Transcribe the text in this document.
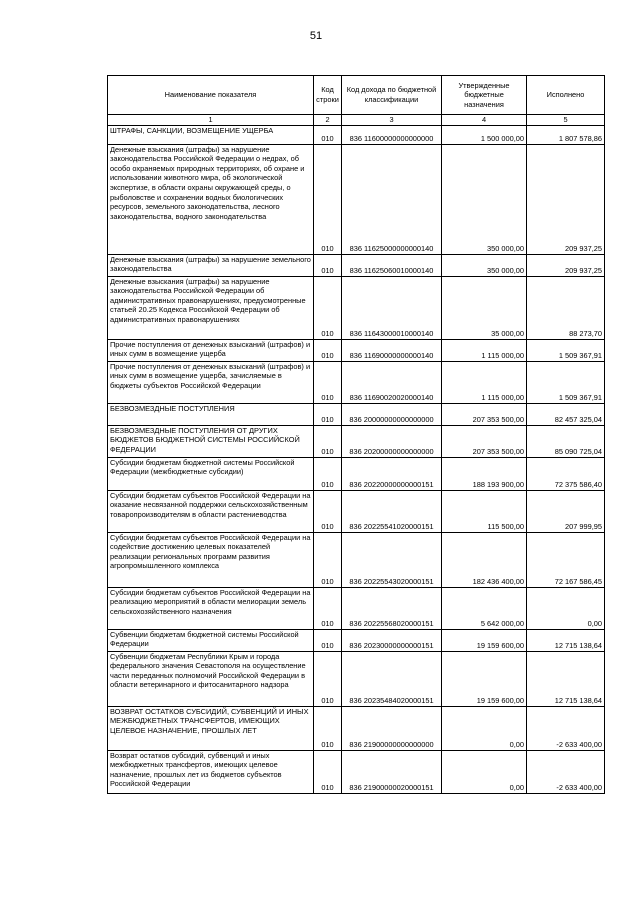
51
Наименование показателя	Код строки	Код дохода по бюджетной классификации	Утвержденные бюджетные назначения	Исполнено
1	2	3	4	5
ШТРАФЫ, САНКЦИИ, ВОЗМЕЩЕНИЕ УЩЕРБА	010	836 11600000000000000	1 500 000,00	1 807 578,86
Денежные взыскания (штрафы) за нарушение законодательства Российской Федерации о недрах, об особо охраняемых природных территориях, об охране и использовании животного мира, об экологической экспертизе, в области охраны окружающей среды, о рыболовстве и сохранении водных биологических ресурсов, земельного законодательства, лесного законодательства, водного законодательства	010	836 11625000000000140	350 000,00	209 937,25
Денежные взыскания (штрафы) за нарушение земельного законодательства	010	836 11625060010000140	350 000,00	209 937,25
Денежные взыскания (штрафы) за нарушение законодательства Российской Федерации об административных правонарушениях, предусмотренные статьей 20.25 Кодекса Российской Федерации об административных правонарушениях	010	836 11643000010000140	35 000,00	88 273,70
Прочие поступления от денежных взысканий (штрафов) и иных сумм в возмещение ущерба	010	836 11690000000000140	1 115 000,00	1 509 367,91
Прочие поступления от денежных взысканий (штрафов) и иных сумм в возмещение ущерба, зачисляемые в бюджеты субъектов Российской Федерации	010	836 11690020020000140	1 115 000,00	1 509 367,91
БЕЗВОЗМЕЗДНЫЕ ПОСТУПЛЕНИЯ	010	836 20000000000000000	207 353 500,00	82 457 325,04
БЕЗВОЗМЕЗДНЫЕ ПОСТУПЛЕНИЯ ОТ ДРУГИХ БЮДЖЕТОВ БЮДЖЕТНОЙ СИСТЕМЫ РОССИЙСКОЙ ФЕДЕРАЦИИ	010	836 20200000000000000	207 353 500,00	85 090 725,04
Субсидии бюджетам бюджетной системы Российской Федерации (межбюджетные субсидии)	010	836 20220000000000151	188 193 900,00	72 375 586,40
Субсидии бюджетам субъектов Российской Федерации на оказание несвязанной поддержки сельскохозяйственным товаропроизводителям в области растениеводства	010	836 20225541020000151	115 500,00	207 999,95
Субсидии бюджетам субъектов Российской Федерации на содействие достижению целевых показателей реализации региональных программ развития агропромышленного комплекса	010	836 20225543020000151	182 436 400,00	72 167 586,45
Субсидии бюджетам субъектов Российской Федерации на реализацию мероприятий в области мелиорации земель сельскохозяйственного назначения	010	836 20225568020000151	5 642 000,00	0,00
Субвенции бюджетам бюджетной системы Российской Федерации	010	836 20230000000000151	19 159 600,00	12 715 138,64
Субвенции бюджетам Республики Крым и города федерального значения Севастополя на осуществление части переданных полномочий Российской Федерации в области ветеринарного и фитосанитарного надзора	010	836 20235484020000151	19 159 600,00	12 715 138,64
ВОЗВРАТ ОСТАТКОВ СУБСИДИЙ, СУБВЕНЦИЙ И ИНЫХ МЕЖБЮДЖЕТНЫХ ТРАНСФЕРТОВ, ИМЕЮЩИХ ЦЕЛЕВОЕ НАЗНАЧЕНИЕ, ПРОШЛЫХ ЛЕТ	010	836 21900000000000000	0,00	-2 633 400,00
Возврат остатков субсидий, субвенций и иных межбюджетных трансфертов, имеющих целевое назначение, прошлых лет из бюджетов субъектов Российской Федерации	010	836 21900000020000151	0,00	-2 633 400,00
